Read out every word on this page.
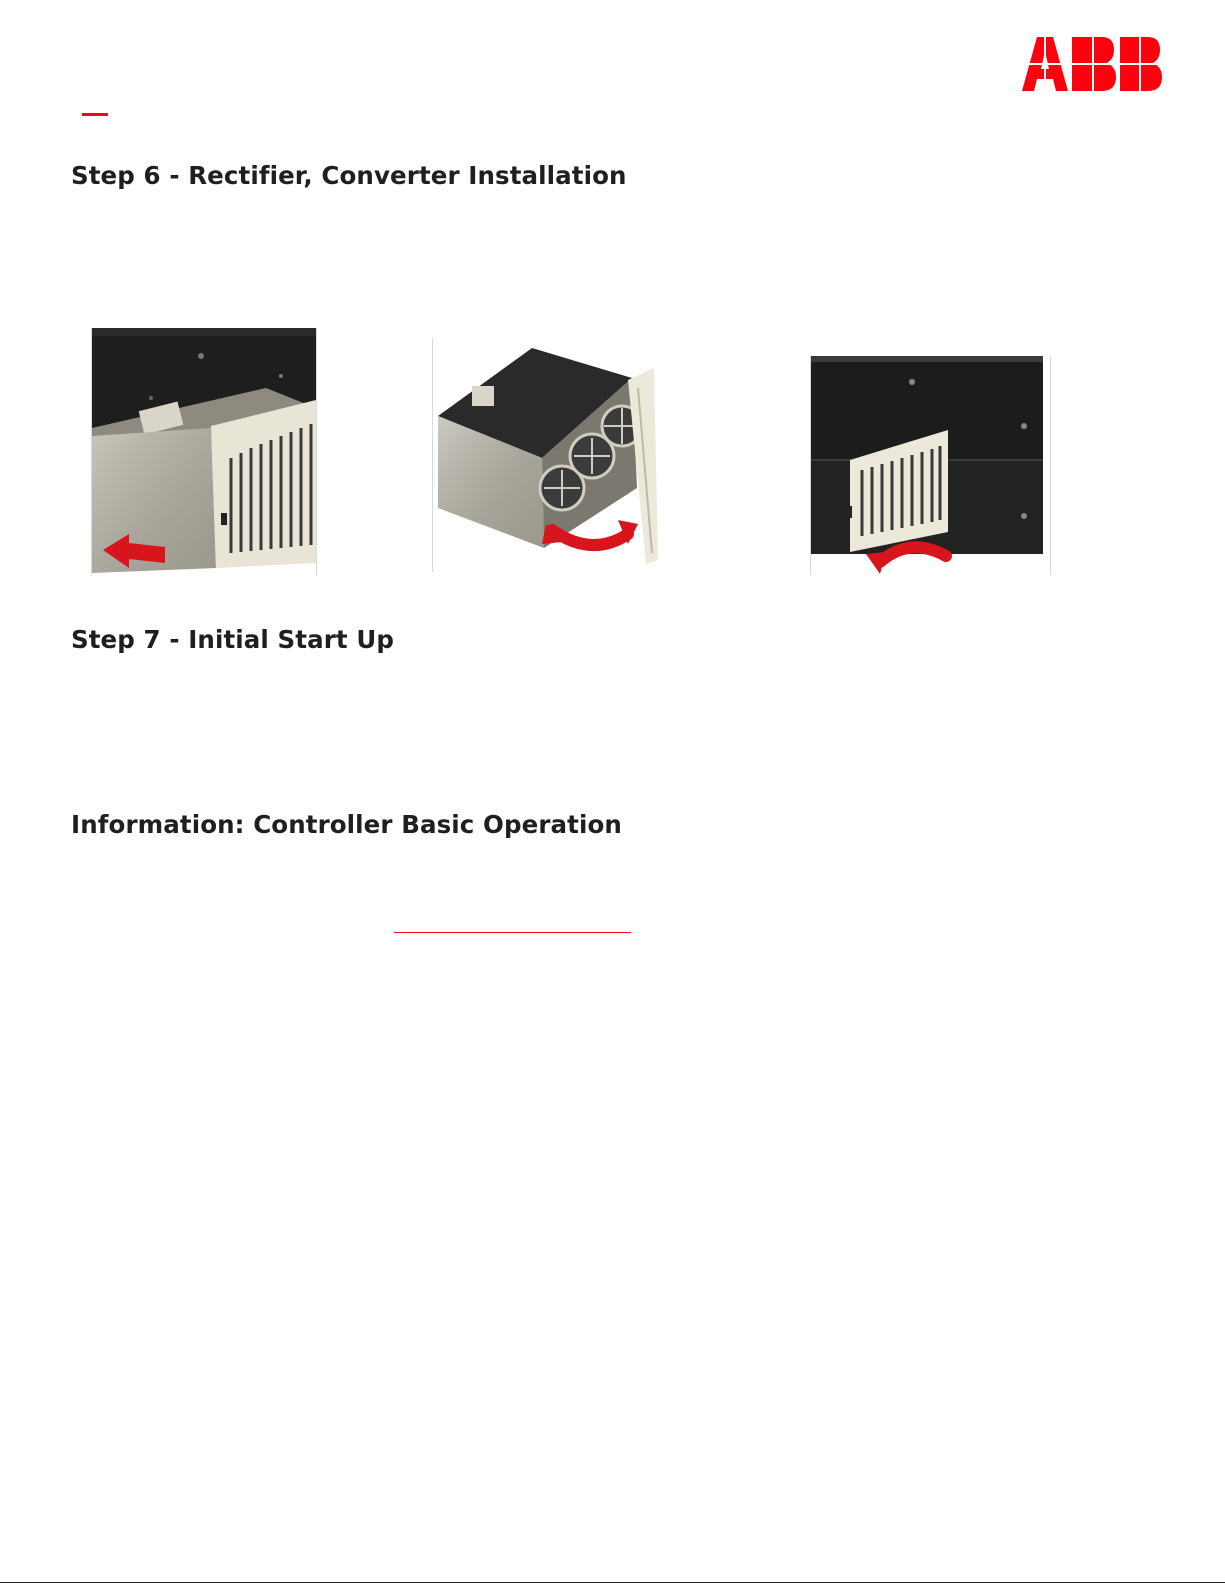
Step 6 - Rectifier, Converter Installation
Step 7 - Initial Start Up
Information: Controller Basic Operation
